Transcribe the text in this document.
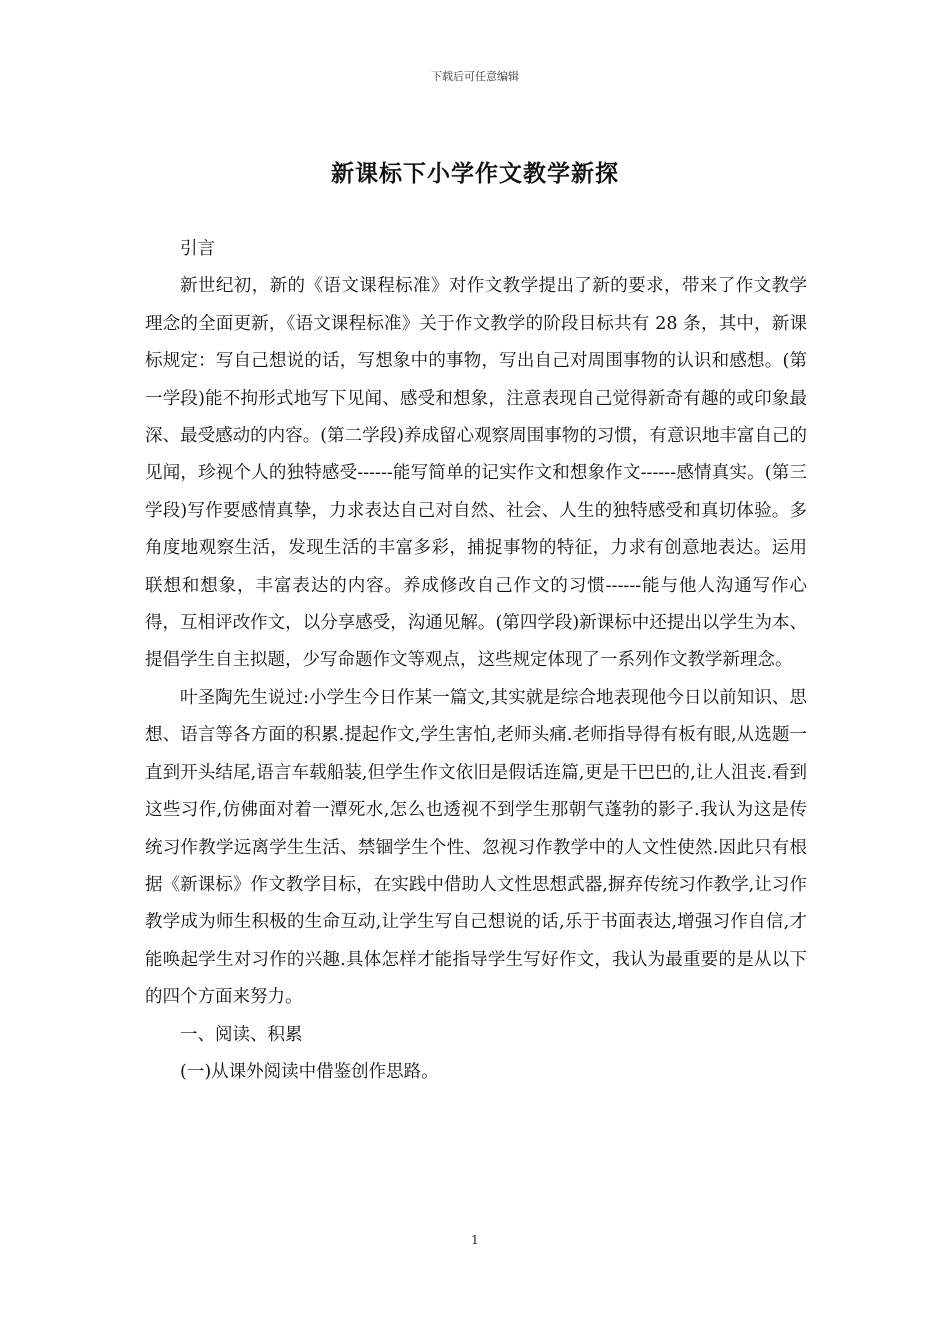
下载后可任意编辑
新课标下小学作文教学新探

引言

新世纪初，新的《语文课程标准》对作文教学提出了新的要求，带来了作文教学理念的全面更新，《语文课程标准》关于作文教学的阶段目标共有 28 条，其中，新课标规定：写自己想说的话，写想象中的事物，写出自己对周围事物的认识和感想。(第一学段)能不拘形式地写下见闻、感受和想象，注意表现自己觉得新奇有趣的或印象最深、最受感动的内容。(第二学段)养成留心观察周围事物的习惯，有意识地丰富自己的见闻，珍视个人的独特感受------能写简单的记实作文和想象作文------感情真实。(第三学段)写作要感情真挚，力求表达自己对自然、社会、人生的独特感受和真切体验。多角度地观察生活，发现生活的丰富多彩，捕捉事物的特征，力求有创意地表达。运用联想和想象，丰富表达的内容。养成修改自己作文的习惯------能与他人沟通写作心得，互相评改作文，以分享感受，沟通见解。(第四学段)新课标中还提出以学生为本、提倡学生自主拟题，少写命题作文等观点，这些规定体现了一系列作文教学新理念。

叶圣陶先生说过:小学生今日作某一篇文,其实就是综合地表现他今日以前知识、思想、语言等各方面的积累.提起作文,学生害怕,老师头痛.老师指导得有板有眼,从选题一直到开头结尾,语言车载船装,但学生作文依旧是假话连篇,更是干巴巴的,让人沮丧.看到这些习作,仿佛面对着一潭死水,怎么也透视不到学生那朝气蓬勃的影子.我认为这是传统习作教学远离学生生活、禁锢学生个性、忽视习作教学中的人文性使然.因此只有根据《新课标》作文教学目标，在实践中借助人文性思想武器,摒弃传统习作教学,让习作教学成为师生积极的生命互动,让学生写自己想说的话,乐于书面表达,增强习作自信,才能唤起学生对习作的兴趣.具体怎样才能指导学生写好作文，我认为最重要的是从以下的四个方面来努力。

一、阅读、积累

(一)从课外阅读中借鉴创作思路。

1
